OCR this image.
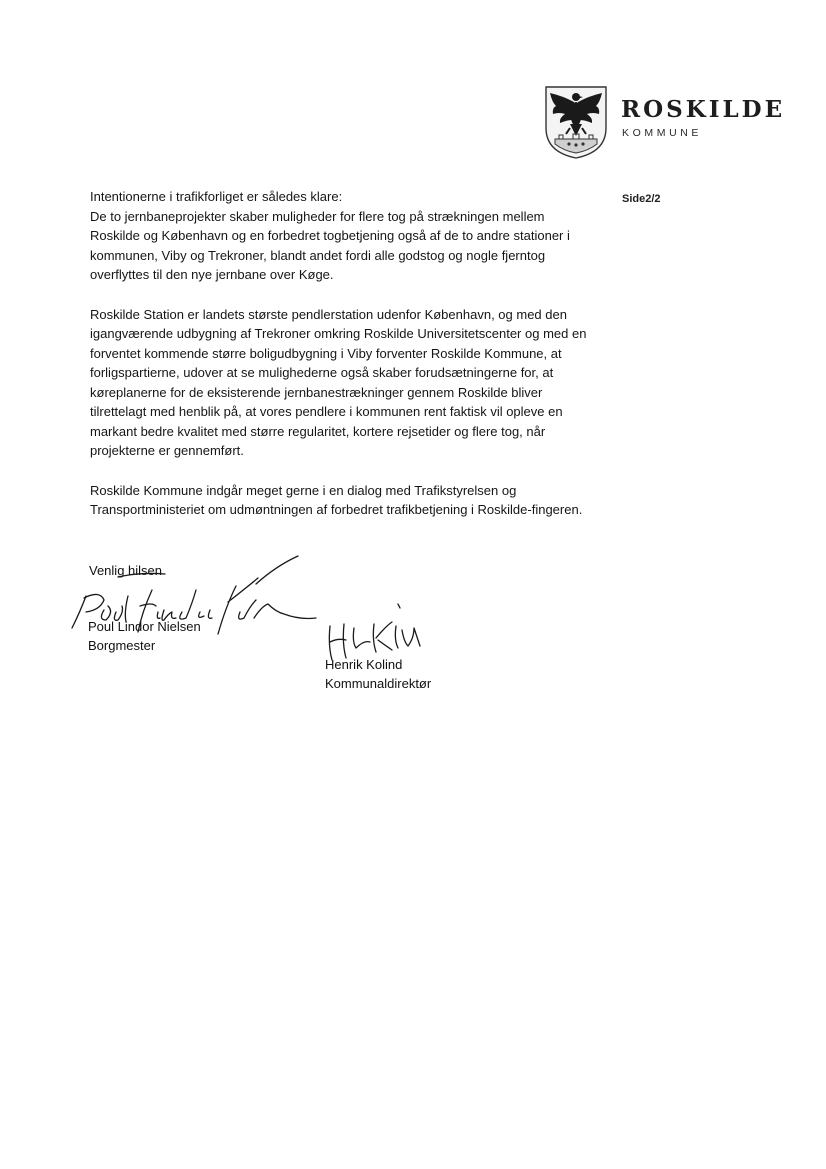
ROSKILDE
KOMMUNE
Side2/2

Intentionerne i trafikforliget er således klare:
De to jernbaneprojekter skaber muligheder for flere tog på strækningen mellem
Roskilde og København og en forbedret togbetjening også af de to andre stationer i
kommunen, Viby og Trekroner, blandt andet fordi alle godstog og nogle fjerntog
overflyttes til den nye jernbane over Køge.

Roskilde Station er landets største pendlerstation udenfor København, og med den
igangværende udbygning af Trekroner omkring Roskilde Universitetscenter og med en
forventet kommende større boligudbygning i Viby forventer Roskilde Kommune, at
forligspartierne, udover at se mulighederne også skaber forudsætningerne for, at
køreplanerne for de eksisterende jernbanestrækninger gennem Roskilde bliver
tilrettelagt med henblik på, at vores pendlere i kommunen rent faktisk vil opleve en
markant bedre kvalitet med større regularitet, kortere rejsetider og flere tog, når
projekterne er gennemført.

Roskilde Kommune indgår meget gerne i en dialog med Trafikstyrelsen og
Transportministeriet om udmøntningen af forbedret trafikbetjening i Roskilde-fingeren.

Venlig hilsen
Poul Lindor Nielsen
Borgmester
Henrik Kolind
Kommunaldirektør
